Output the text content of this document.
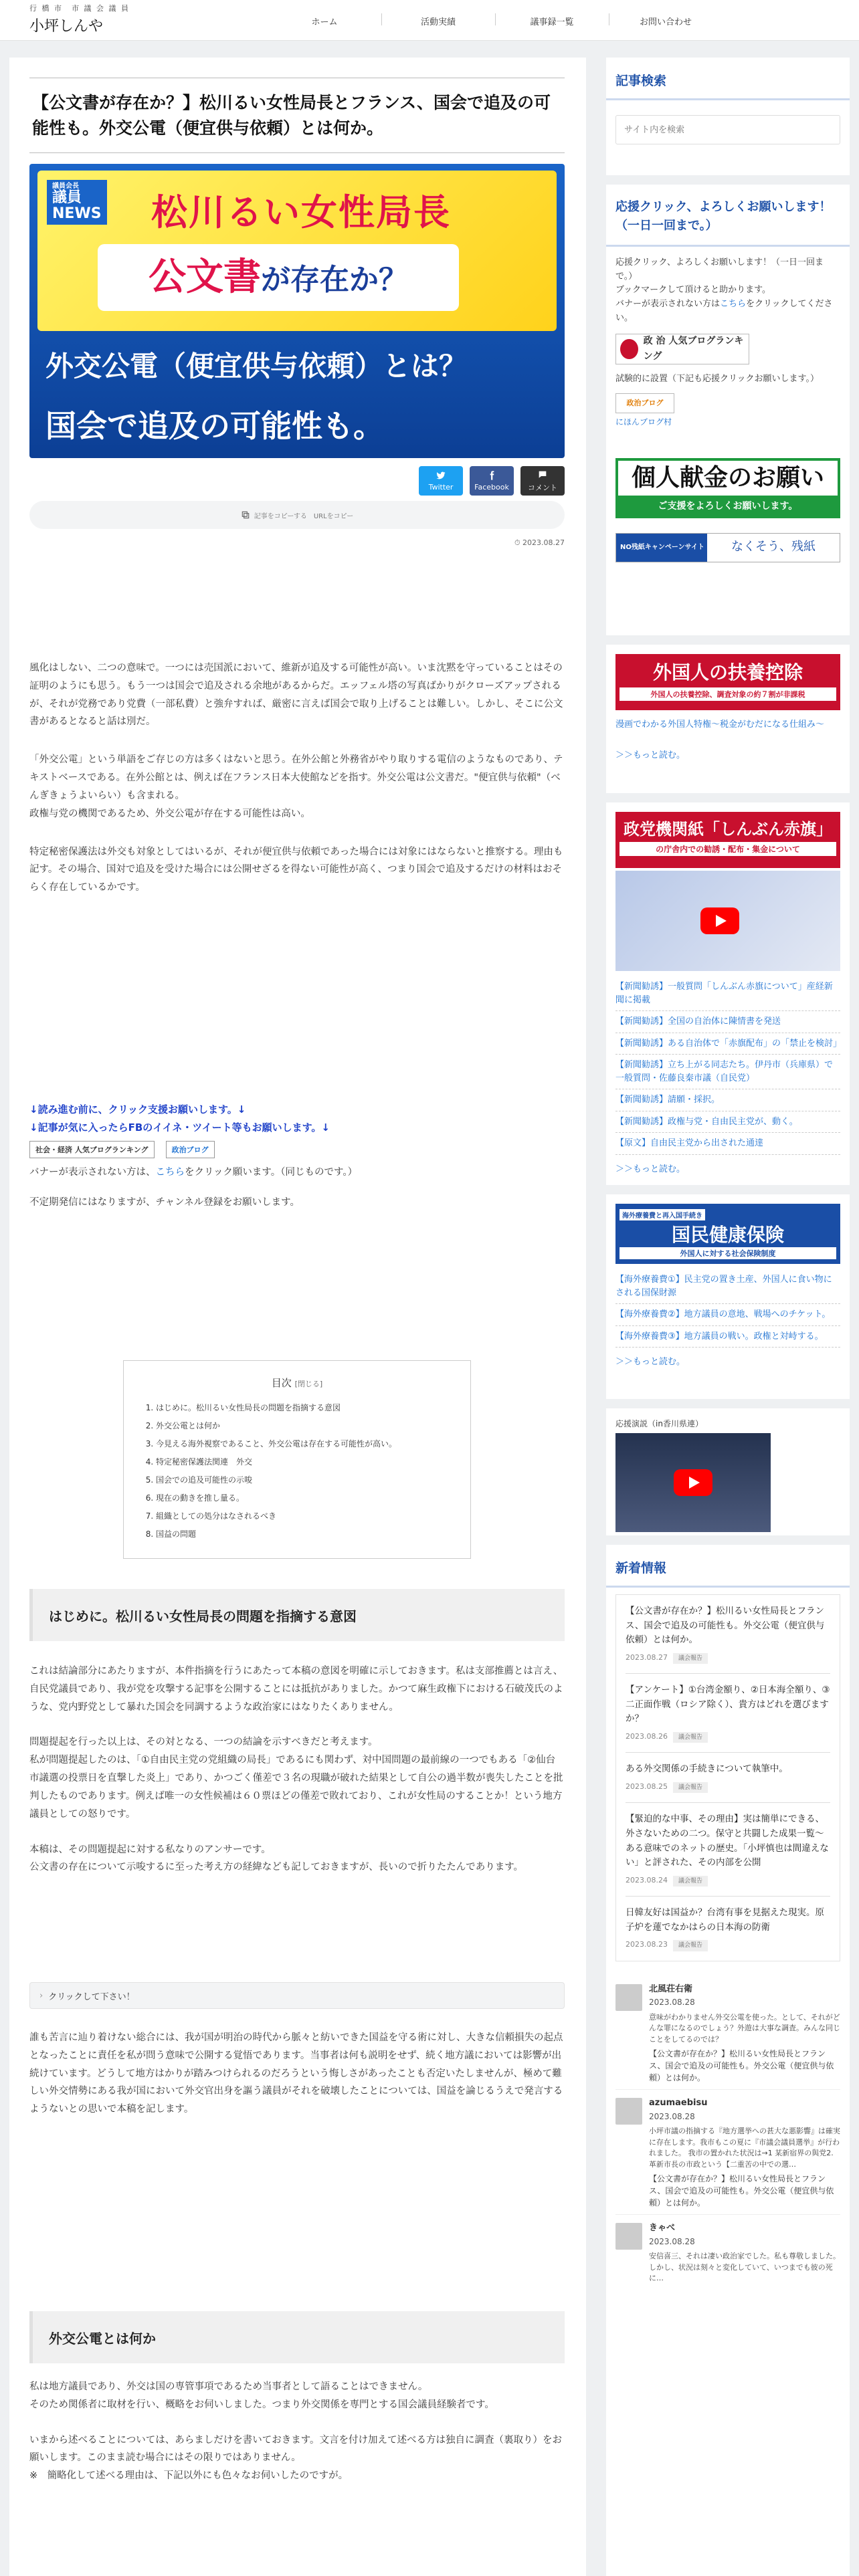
行 橋 市　市 議 会 議 員
小坪しんや	ホーム	活動実績	議事録一覧	お問い合わせ
【公文書が存在か？】松川るい女性局長とフランス、国会で追及の可能性も。外交公電（便宜供与依頼）とは何か。
議員会長
議員
NEWS 松川るい女性局長
公文書が存在か？
外交公電（便宜供与依頼）とは？
国会で追及の可能性も。
Twitter	Facebook	コメント
記事をコピーする　URLをコピー
⏱ 2023.08.27

風化はしない、二つの意味で。一つには売国派において、維新が追及する可能性が高い。いま沈黙を守っていることはその証明のようにも思う。もう一つは国会で追及される余地があるからだ。エッフェル塔の写真ばかりがクローズアップされるが、それが党務であり党費（一部私費）と強弁すれば、厳密に言えば国会で取り上げることは難しい。しかし、そこに公文書があるとなると話は別だ。

「外交公電」という単語をご存じの方は多くはないと思う。在外公館と外務省がやり取りする電信のようなものであり、テキストベースである。在外公館とは、例えば在フランス日本大使館などを指す。外交公電は公文書だ。"便宜供与依頼"（べんぎきょうよいらい）も含まれる。
政権与党の機関であるため、外交公電が存在する可能性は高い。

特定秘密保護法は外交も対象としてはいるが、それが便宜供与依頼であった場合には対象にはならないと推察する。理由も記す。その場合、国対で追及を受けた場合には公開せざるを得ない可能性が高く、つまり国会で追及するだけの材料はおそらく存在しているかです。

↓読み進む前に、クリック支援お願いします。↓

↓記事が気に入ったらFBのイイネ・ツイート等もお願いします。↓

社会・経済 人気ブログランキング	政治ブログ

バナーが表示されない方は、こちらをクリック願います。（同じものです。）

不定期発信にはなりますが、チャンネル登録をお願いします。

目次 [閉じる]
1. はじめに。松川るい女性局長の問題を指摘する意図
2. 外交公電とは何か
3. 今見える海外視察であること、外交公電は存在する可能性が高い。
4. 特定秘密保護法関連　外交
5. 国会での追及可能性の示唆
6. 現在の動きを推し量る。
7. 組織としての処分はなされるべき
8. 国益の問題
はじめに。松川るい女性局長の問題を指摘する意図

これは結論部分にあたりますが、本件指摘を行うにあたって本稿の意図を明確に示しておきます。私は支部推薦とは言え、自民党議員であり、我が党を攻撃する記事を公開することには抵抗がありました。かつて麻生政権下における石破茂氏のような、党内野党として暴れた国会を同調するような政治家にはなりたくありません。

問題提起を行った以上は、その対となる、一つの結論を示すべきだと考えます。
私が問題提起したのは、「①自由民主党の党組織の局長」であるにも関わず、対中国問題の最前線の一つでもある「②仙台市議選の投票日を直撃した炎上」であり、かつごく僅差で３名の現職が破れた結果として自公の過半数が喪失したことを批判したものであります。例えば唯一の女性候補は６０票ほどの僅差で敗れており、これが女性局のすることか！という地方議員としての怒りです。

本稿は、その問題提起に対する私なりのアンサーです。
公文書の存在について示唆するに至った考え方の経緯なども記しておきますが、長いので折りたたんであります。

› クリックして下さい！

誰も苦言に辿り着けない総合には、我が国が明治の時代から脈々と紡いできた国益を守る術に対し、大きな信頼損失の起点となったことに責任を私が問う意味で公開する覚悟であります。当事者は何も説明をせず、続く地方議においては影響が出続けています。どうして地方はかりが踏みつけられるのだろうという悔しさがあったことも否定いたしませんが、極めて難しい外交情勢にある我が国において外交官出身を謳う議員がそれを破壊したことについては、国益を論じるうえで発言するようないとの思いで本稿を記します。

外交公電とは何か

私は地方議員であり、外交は国の専管事項であるため当事者として語ることはできません。
そのため関係者に取材を行い、概略をお伺いしました。つまり外交関係を専門とする国会議員経験者です。

いまから述べることについては、あらましだけを書いておきます。文言を付け加えて述べる方は独自に調査（裏取り）をお願いします。このまま読む場合にはその限りではありません。
※　簡略化して述べる理由は、下記以外にも色々なお伺いしたのですが。

記事検索
サイト内を検索
応援クリック、よろしくお願いします！（一日一回まで。）
応援クリック、よろしくお願いします！（一日一回まで。）
ブックマークして頂けると助かります。
バナーが表示されない方はこちらをクリックしてください。
政 治 人気ブログランキング
試験的に設置（下記も応援クリックお願いします。）
政治ブログ
にほんブログ村
個人献金のお願い
ご支援をよろしくお願いします。
NO残紙キャンペーンサイト	なくそう、残紙
外国人の扶養控除
外国人の扶養控除、調査対象の約７割が非課税
漫画でわかる外国人特権～税金がむだになる仕組み～
＞＞もっと読む。
政党機関紙「しんぶん赤旗」
の庁舎内での勧誘・配布・集金について
【新聞勧誘】一般質問「しんぶん赤旗について」産経新聞に掲載
【新聞勧誘】全国の自治体に陳情書を発送
【新聞勧誘】ある自治体で「赤旗配布」の「禁止を検討」
【新聞勧誘】立ち上がる同志たち。伊丹市（兵庫県）で一般質問・佐藤良秦市議（自民党）
【新聞勧誘】請願・採択。
【新聞勧誘】政権与党・自由民主党が、動く。
【原文】自由民主党から出された通達
＞＞もっと読む。
海外療養費と再入国手続き
国民健康保険
外国人に対する社会保険制度
【海外療養費①】民主党の置き土産、外国人に食い物にされる国保財源
【海外療養費②】地方議員の意地、戦場へのチケット。
【海外療養費③】地方議員の戦い。政権と対峙する。
＞＞もっと読む。
応援演説（in香川県連）
新着情報
【公文書が存在か？】松川るい女性局長とフランス、国会で追及の可能性も。外交公電（便宜供与依頼）とは何か。
2023.08.27 議会報告
【アンケート】①台湾金額り、②日本海全額り、③二正面作戦（ロシア除く）、貴方はどれを選びますか？
2023.08.26 議会報告
ある外交関係の手続きについて執筆中。
2023.08.25 議会報告
【緊迫的な中事、その理由】実は簡単にできる、外さないための二つ。保守と共闘した成果一覧～ある意味でのネットの歴史。「小坪慎也は間違えない」と評された、その内部を公開
2023.08.24 議会報告
日韓友好は国益か？台湾有事を見据えた現実。原子炉を蓮でなかはらの日本海の防衛
2023.08.23 議会報告
北風荘右衛
2023.08.28
意味がわかりません外交公電を使った。として、それがどんな罪になるのでしょう？外遊は大事な調査。みんな同じことをしてるのでは？
【公文書が存在か？】松川るい女性局長とフランス、国会で追及の可能性も。外交公電（便宜供与依頼）とは何か。
azumaebisu
2023.08.28
小坪市議の指摘する『地方選挙への甚大な悪影響』は確実に存在します。我市もこの夏に『市議会議員選挙』が行われました。 我市の置かれた状況は→1 某新宿界の與党2.革新市長の市政という【二重苦の中での選…
【公文書が存在か？】松川るい女性局長とフランス、国会で追及の可能性も。外交公電（便宜供与依頼）とは何か。
きゃべ
2023.08.28
安信喜三、それは凄い政治家でした。私も尊敬しました。しかし、状況は刻々と変化していて、いつまでも彼の死に…
